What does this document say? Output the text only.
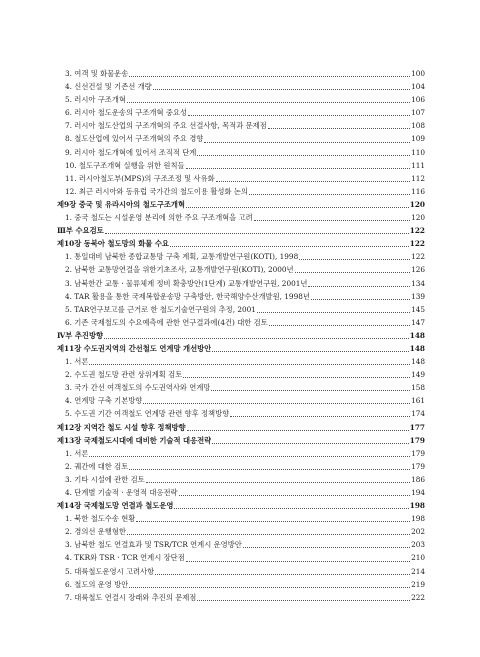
3. 여객 및 화물운송	100
4. 신선건설 및 기존선 개량	104
5. 러시아 구조개혁	106
6. 러시아 철도운송의 구조개혁 중요성	107
7. 러시아 철도산업의 구조개혁의 주요 선결사항, 목적과 문제점	108
8. 철도산업에 있어서 구조개혁의 주요 경향	109
9. 러시아 철도개혁에 있어서 조직적 단계	110
10. 철도구조개혁 실행을 위한 원칙들	111
11. 러시아철도부(MPS)의 구조조정 및 사유화	112
12. 최근 러시아와 동유럽 국가간의 철도이용 활성화 논의	116
제9장 중국 및 유라시아의 철도구조개혁	120
1. 중국 철도는 시설운영 분리에 의한 주요 구조개혁을 고려	120
Ⅲ부 수요검토	122
제10장 동북아 철도망의 화물 수요	122
1. 통일대비 남북한 종합교통망 구축 계획, 교통개발연구원(KOTI), 1998	122
2. 남북한 교통망연결을 위한기초조사, 교통개발연구원(KOTI), 2000년	126
3. 남북한간 교통ㆍ물류체계 정비 확충방안(1단계) 교통개발연구원, 2001년	134
4. TAR 활용을 통한 국제복합운송망 구축방안, 한국해양수산개발원, 1998년	139
5. TAR연구보고를 근거로 한 철도기술연구원의 추정, 2001	145
6. 기존 국제철도의 수요예측에 관한 연구결과에(4건) 대한 검토	147
Ⅳ부 추진방향	148
제11장 수도권지역의 간선철도 연계망 개선방안	148
1. 서론	148
2. 수도권 철도망 관련 상위계획 검토	149
3. 국가 간선 여객철도의 수도권역사와 연계망	158
4. 연계망 구축 기본방향	161
5. 수도권 기간 여객철도 연계망 관련 향후 정책방향	174
제12장 지역간 철도 시설 향후 정책방향	177
제13장 국제철도시대에 대비한 기술적 대응전략	179
1. 서론	179
2. 궤간에 대한 검토	179
3. 기타 시설에 관한 검토	186
4. 단계별 기술적ㆍ운영적 대응전략	194
제14장 국제철도망 연결과 철도운영	198
1. 북한 철도수송 현황	198
2. 경의선 운행형한	202
3. 남북한 철도 연결효과 및 TSR/TCR 연계시 운영방안	203
4. TKR와 TSRㆍTCR 연계시 장단점	210
5. 대륙철도운영시 고려사항	214
6. 철도의 운영 방안	219
7. 대륙철도 연결시 장래와 추진의 문제점	222
